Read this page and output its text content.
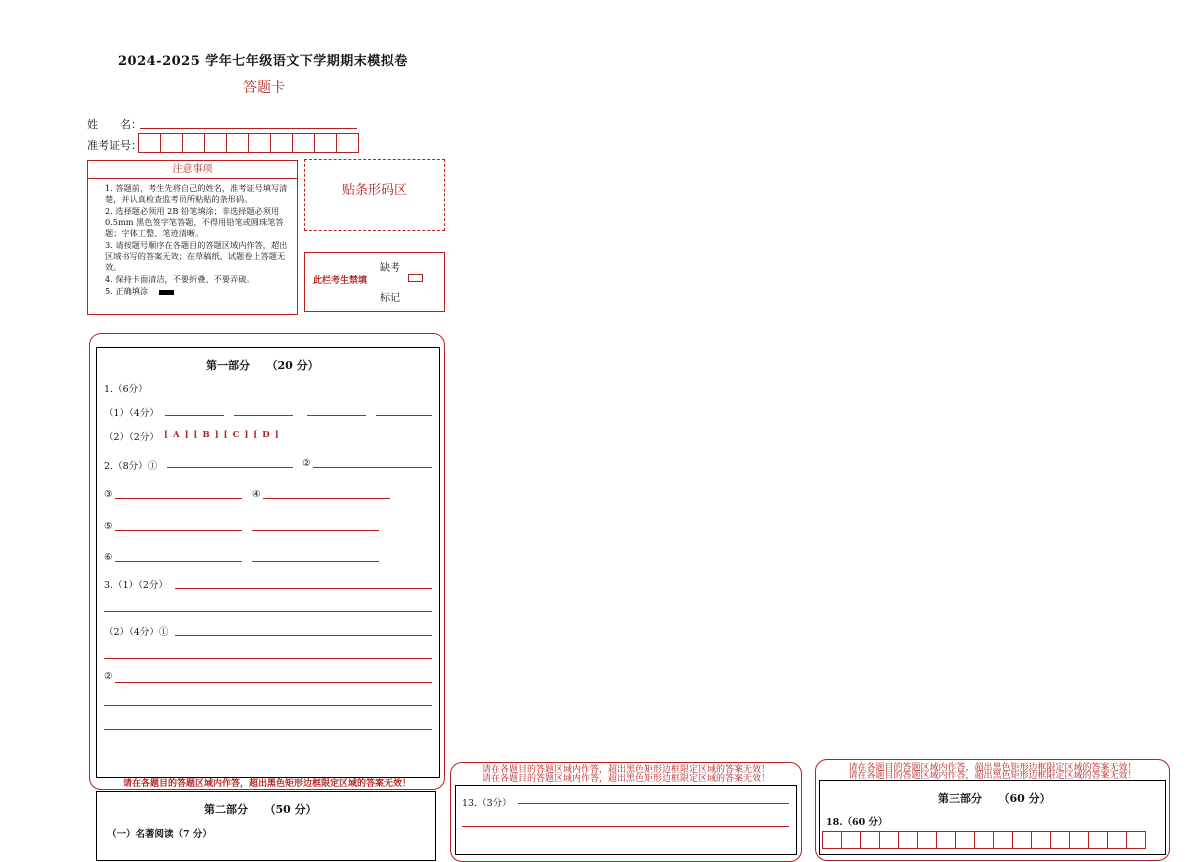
2024-2025 学年七年级语文下学期期末模拟卷
答题卡
姓　　名：
准考证号：
注意事项
1. 答题前，考生先将自己的姓名，准考证号填写清楚，并认真检查监考员所粘贴的条形码。
2. 选择题必须用 2B 铅笔填涂；非选择题必须用 0.5mm 黑色签字笔答题，不得用铅笔或圆珠笔答题；字体工整、笔迹清晰。
3. 请按题号顺序在各题目的答题区域内作答，超出区域书写的答案无效；在草稿纸、试题卷上答题无效。
4. 保持卡面清洁，不要折叠、不要弄破。
5. 正确填涂
贴条形码区
此栏考生禁填
缺考
标记
第一部分　　（20 分）
1.（6分）
（1）（4分）
（2）（2分） [ A ] [ B ] [ C ] [ D ]
2.（8分）①	②
③	④
⑤
⑥
3.（1）（2分）
（2）（4分）①
②
请在各题目的答题区域内作答，超出黑色矩形边框限定区域的答案无效！
第二部分　　（50 分）
（一）名著阅读（7 分）
请在各题目的答题区域内作答，超出黑色矩形边框限定区域的答案无效！
请在各题目的答题区域内作答，超出黑色矩形边框限定区域的答案无效！
13.（3分）
请在各题目的答题区域内作答，超出黑色矩形边框限定区域的答案无效！
请在各题目的答题区域内作答，超出黑色矩形边框限定区域的答案无效！
第三部分　　（60 分）
18.（60 分）
